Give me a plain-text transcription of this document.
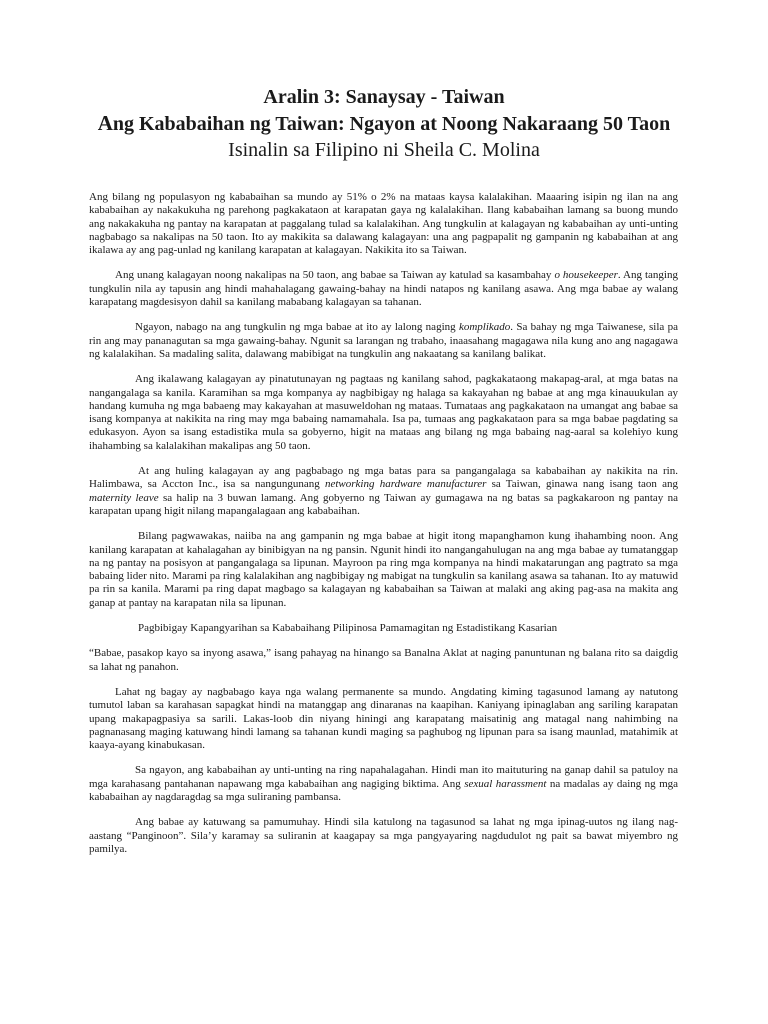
Aralin 3: Sanaysay - Taiwan

Ang Kababaihan ng Taiwan: Ngayon at Noong Nakaraang 50 Taon

Isinalin sa Filipino ni Sheila C. Molina

Ang bilang ng populasyon ng kababaihan sa mundo ay 51% o 2% na mataas kaysa kalalakihan. Maaaring isipin ng ilan na ang kababaihan ay nakakukuha ng parehong pagkakataon at karapatan gaya ng kalalakihan. Ilang kababaihan lamang sa buong mundo ang nakakakuha ng pantay na karapatan at paggalang tulad sa kalalakihan. Ang tungkulin at kalagayan ng kababaihan ay unti-unting nagbabago sa nakalipas na 50 taon. Ito ay makikita sa dalawang kalagayan: una ang pagpapalit ng gampanin ng kababaihan at ang ikalawa ay ang pag-unlad ng kanilang karapatan at kalagayan. Nakikita ito sa Taiwan.

Ang unang kalagayan noong nakalipas na 50 taon, ang babae sa Taiwan ay katulad sa kasambahay o housekeeper. Ang tanging tungkulin nila ay tapusin ang hindi mahahalagang gawaing-bahay na hindi natapos ng kanilang asawa. Ang mga babae ay walang karapatang magdesisyon dahil sa kanilang mababang kalagayan sa tahanan.

Ngayon, nabago na ang tungkulin ng mga babae at ito ay lalong naging komplikado. Sa bahay ng mga Taiwanese, sila pa rin ang may pananagutan sa mga gawaing-bahay. Ngunit sa larangan ng trabaho, inaasahang magagawa nila kung ano ang nagagawa ng kalalakihan. Sa madaling salita, dalawang mabibigat na tungkulin ang nakaatang sa kanilang balikat.

Ang ikalawang kalagayan ay pinatutunayan ng pagtaas ng kanilang sahod, pagkakataong makapag-aral, at mga batas na nangangalaga sa kanila. Karamihan sa mga kompanya ay nagbibigay ng halaga sa kakayahan ng babae at ang mga kinauukulan ay handang kumuha ng mga babaeng may kakayahan at masuweldohan ng mataas. Tumataas ang pagkakataon na umangat ang babae sa isang kompanya at nakikita na ring may mga babaing namamahala. Isa pa, tumaas ang pagkakataon para sa mga babae pagdating sa edukasyon. Ayon sa isang estadistika mula sa gobyerno, higit na mataas ang bilang ng mga babaing nag-aaral sa kolehiyo kung ihahambing sa kalalakihan makalipas ang 50 taon.

At ang huling kalagayan ay ang pagbabago ng mga batas para sa pangangalaga sa kababaihan ay nakikita na rin. Halimbawa, sa Accton Inc., isa sa nangungunang networking hardware manufacturer sa Taiwan, ginawa nang isang taon ang maternity leave sa halip na 3 buwan lamang. Ang gobyerno ng Taiwan ay gumagawa na ng batas sa pagkakaroon ng pantay na karapatan upang higit nilang mapangalagaan ang kababaihan.

Bilang pagwawakas, naiiba na ang gampanin ng mga babae at higit itong mapanghamon kung ihahambing noon. Ang kanilang karapatan at kahalagahan ay binibigyan na ng pansin. Ngunit hindi ito nangangahulugan na ang mga babae ay tumatanggap na ng pantay na posisyon at pangangalaga sa lipunan. Mayroon pa ring mga kompanya na hindi makatarungan ang pagtrato sa mga babaing lider nito. Marami pa ring kalalakihan ang nagbibigay ng mabigat na tungkulin sa kanilang asawa sa tahanan. Ito ay matuwid pa rin sa kanila. Marami pa ring dapat magbago sa kalagayan ng kababaihan sa Taiwan at malaki ang aking pag-asa na makita ang ganap at pantay na karapatan nila sa lipunan.

Pagbibigay Kapangyarihan sa Kababaihang Pilipinosa Pamamagitan ng Estadistikang Kasarian

“Babae, pasakop kayo sa inyong asawa,” isang pahayag na hinango sa Banalna Aklat at naging panuntunan ng balana rito sa daigdig sa lahat ng panahon.

Lahat ng bagay ay nagbabago kaya nga walang permanente sa mundo. Angdating kiming tagasunod lamang ay natutong tumutol laban sa karahasan sapagkat hindi na matanggap ang dinaranas na kaapihan. Kaniyang ipinaglaban ang sariling karapatan upang makapagpasiya sa sarili. Lakas-loob din niyang hiningi ang karapatang maisatinig ang matagal nang nahimbing na pagnanasang maging katuwang hindi lamang sa tahanan kundi maging sa paghubog ng lipunan para sa isang maunlad, matahimik at kaaya-ayang kinabukasan.

Sa ngayon, ang kababaihan ay unti-unting na ring napahalagahan. Hindi man ito maituturing na ganap dahil sa patuloy na mga karahasang pantahanan napawang mga kababaihan ang nagiging biktima. Ang sexual harassment na madalas ay daing ng mga kababaihan ay nagdaragdag sa mga suliraning pambansa.

Ang babae ay katuwang sa pamumuhay. Hindi sila katulong na tagasunod sa lahat ng mga ipinag-uutos ng ilang nag-aastang “Panginoon”. Sila’y karamay sa suliranin at kaagapay sa mga pangyayaring nagdudulot ng pait sa bawat miyembro ng pamilya.
